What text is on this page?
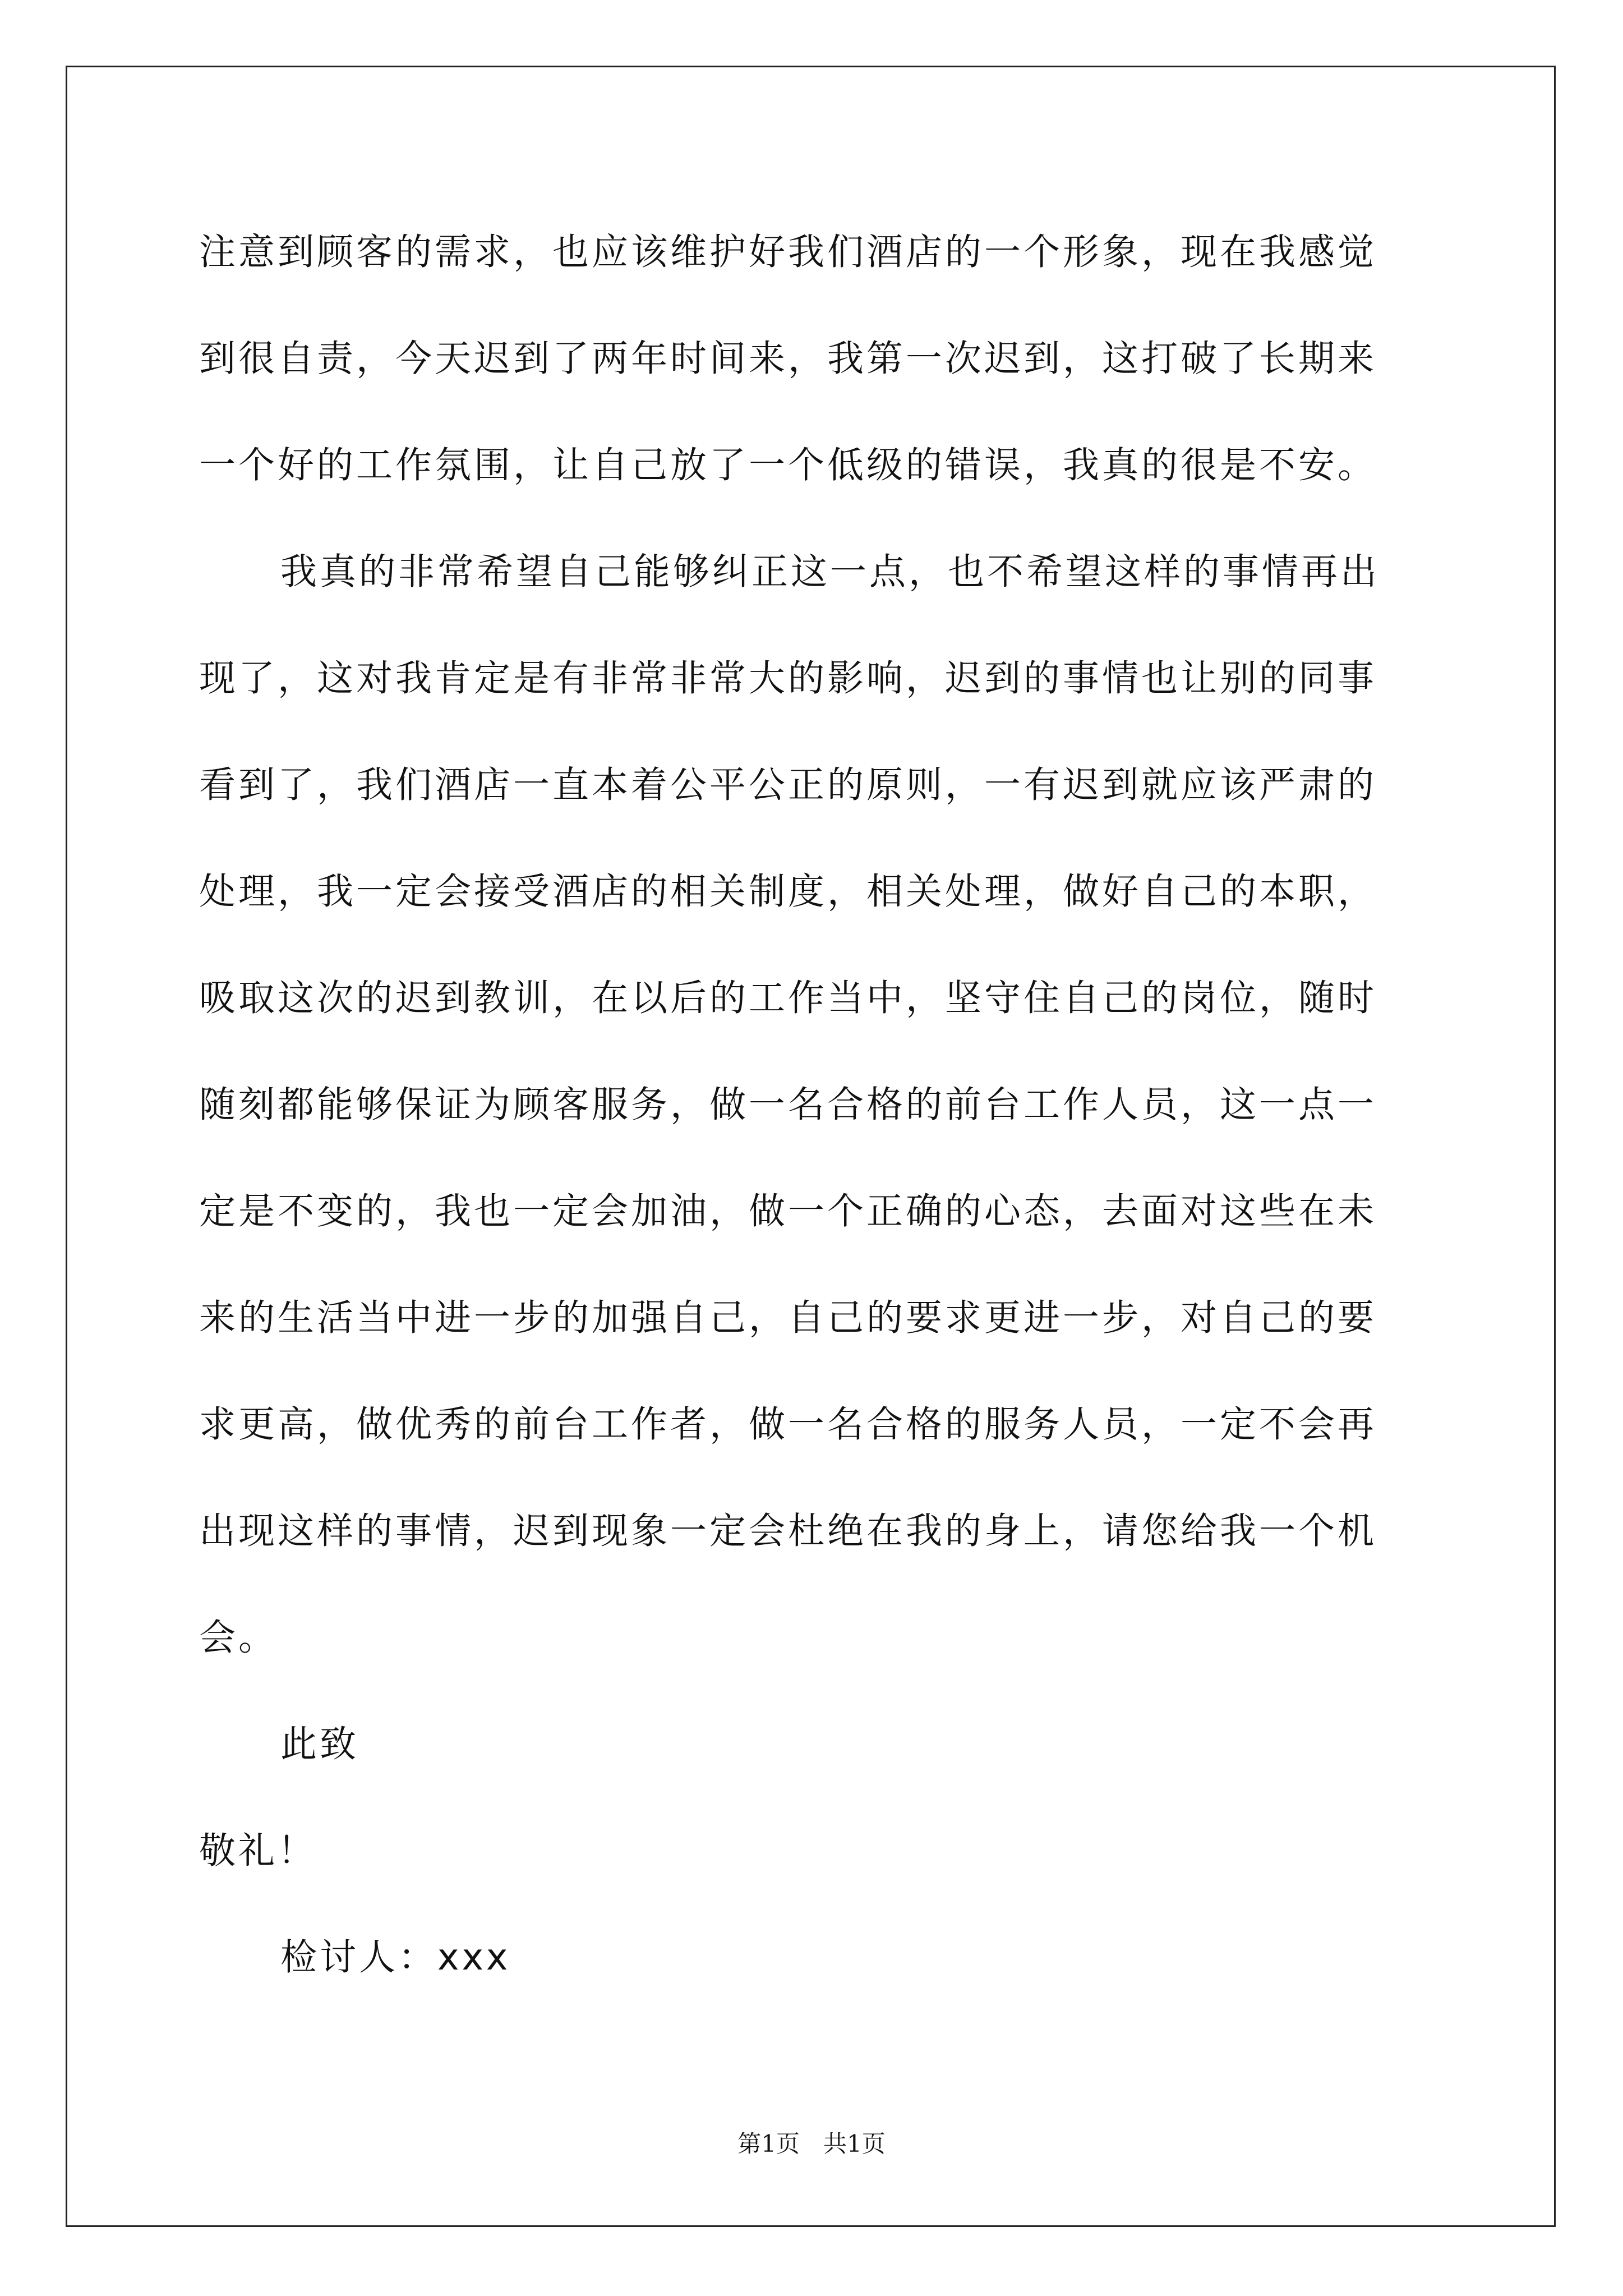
注意到顾客的需求，也应该维护好我们酒店的一个形象，现在我感觉
到很自责，今天迟到了两年时间来，我第一次迟到，这打破了长期来
一个好的工作氛围，让自己放了一个低级的错误，我真的很是不安。
我真的非常希望自己能够纠正这一点，也不希望这样的事情再出
现了，这对我肯定是有非常非常大的影响，迟到的事情也让别的同事
看到了，我们酒店一直本着公平公正的原则，一有迟到就应该严肃的
处理，我一定会接受酒店的相关制度，相关处理，做好自己的本职，
吸取这次的迟到教训，在以后的工作当中，坚守住自己的岗位，随时
随刻都能够保证为顾客服务，做一名合格的前台工作人员，这一点一
定是不变的，我也一定会加油，做一个正确的心态，去面对这些在未
来的生活当中进一步的加强自己，自己的要求更进一步，对自己的要
求更高，做优秀的前台工作者，做一名合格的服务人员，一定不会再
出现这样的事情，迟到现象一定会杜绝在我的身上，请您给我一个机
会。
此致
敬礼！
检讨人：xxx
第1页　共1页
